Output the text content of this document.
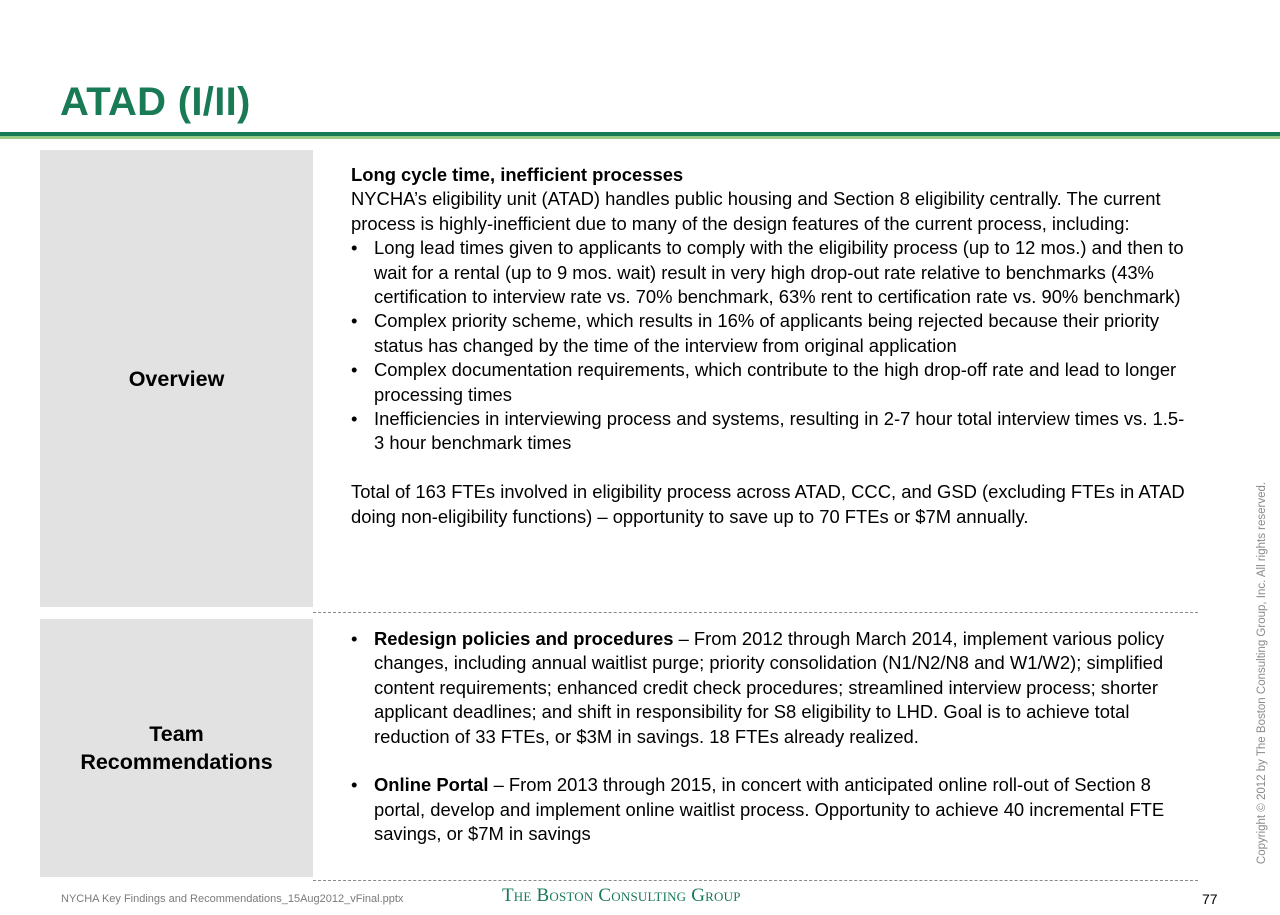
ATAD (I/II)
Overview

Long cycle time, inefficient processes

NYCHA’s eligibility unit (ATAD) handles public housing and Section 8 eligibility centrally. The current process is highly-inefficient due to many of the design features of the current process, including:

• Long lead times given to applicants to comply with the eligibility process (up to 12 mos.) and then to wait for a rental (up to 9 mos. wait) result in very high drop-out rate relative to benchmarks (43% certification to interview rate vs. 70% benchmark, 63% rent to certification rate vs. 90% benchmark)
• Complex priority scheme, which results in 16% of applicants being rejected because their priority status has changed by the time of the interview from original application
• Complex documentation requirements, which contribute to the high drop-off rate and lead to longer processing times
• Inefficiencies in interviewing process and systems, resulting in 2-7 hour total interview times vs. 1.5-3 hour benchmark times

Total of 163 FTEs involved in eligibility process across ATAD, CCC, and GSD (excluding FTEs in ATAD doing non-eligibility functions) – opportunity to save up to 70 FTEs or $7M annually.

Team
Recommendations
• Redesign policies and procedures – From 2012 through March 2014, implement various policy changes, including annual waitlist purge; priority consolidation (N1/N2/N8 and W1/W2); simplified content requirements; enhanced credit check procedures; streamlined interview process; shorter applicant deadlines; and shift in responsibility for S8 eligibility to LHD. Goal is to achieve total reduction of 33 FTEs, or $3M in savings. 18 FTEs already realized.
• Online Portal – From 2013 through 2015, in concert with anticipated online roll-out of Section 8 portal, develop and implement online waitlist process. Opportunity to achieve 40 incremental FTE savings, or $7M in savings	Copyright © 2012 by The Boston Consulting Group, Inc. All rights reserved.
NYCHA Key Findings and Recommendations_15Aug2012_vFinal.pptx	The Boston Consulting Group	77
